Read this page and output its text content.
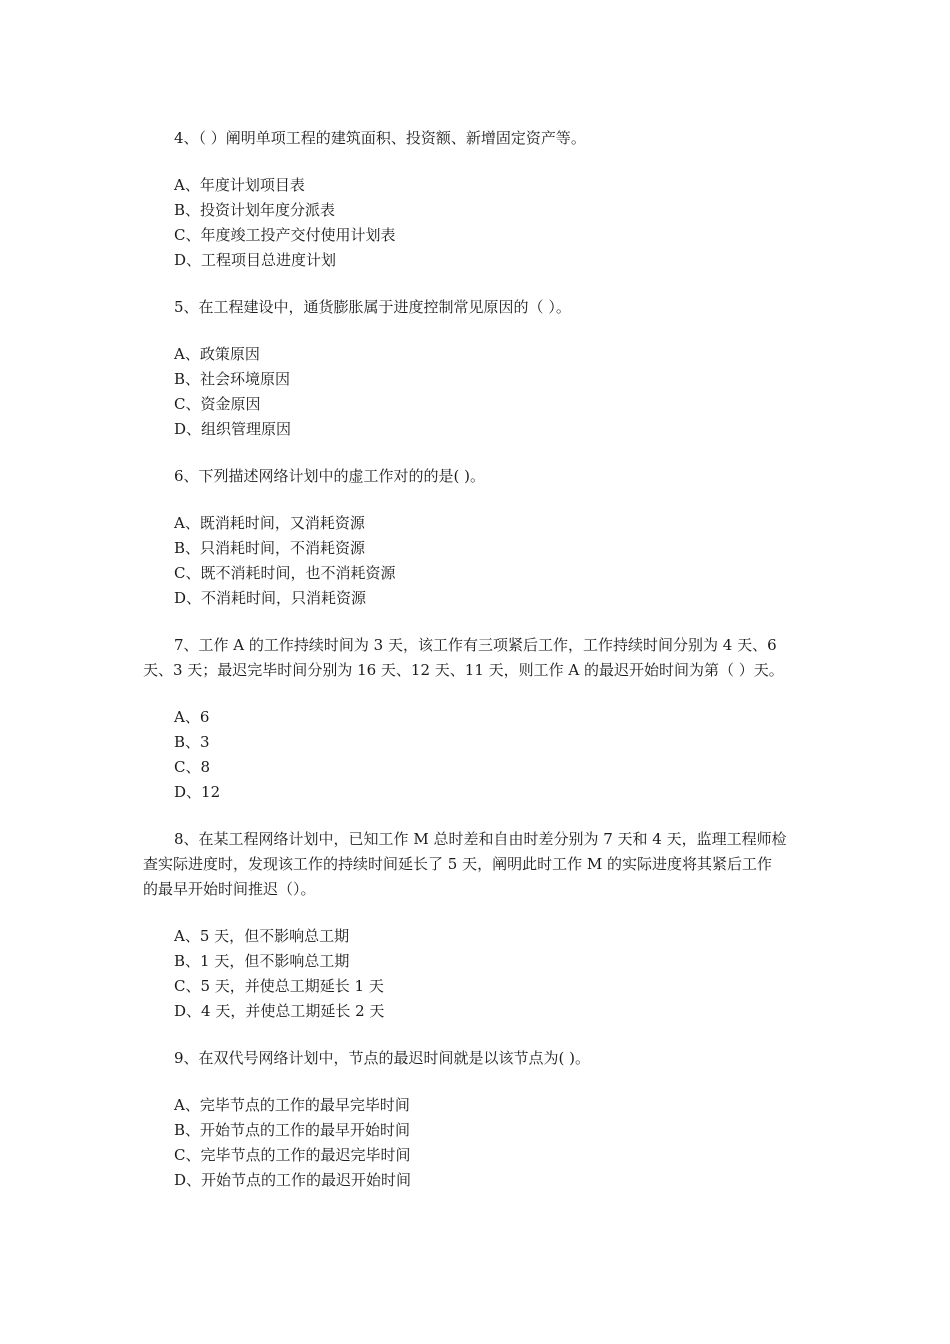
4、（ ）阐明单项工程的建筑面积、投资额、新增固定资产等。
A、年度计划项目表
B、投资计划年度分派表
C、年度竣工投产交付使用计划表
D、工程项目总进度计划
5、在工程建设中，通货膨胀属于进度控制常见原因的（ ）。
A、政策原因
B、社会环境原因
C、资金原因
D、组织管理原因
6、下列描述网络计划中的虚工作对的的是( )。
A、既消耗时间，又消耗资源
B、只消耗时间，不消耗资源
C、既不消耗时间，也不消耗资源
D、不消耗时间，只消耗资源
7、工作 A 的工作持续时间为 3 天，该工作有三项紧后工作，工作持续时间分别为 4 天、6
天、3 天；最迟完毕时间分别为 16 天、12 天、11 天，则工作 A 的最迟开始时间为第（ ）天。
A、6
B、3
C、8
D、12
8、在某工程网络计划中，已知工作 M 总时差和自由时差分别为 7 天和 4 天，监理工程师检
查实际进度时，发现该工作的持续时间延长了 5 天，阐明此时工作 M 的实际进度将其紧后工作
的最早开始时间推迟（）。
A、5 天，但不影响总工期
B、1 天，但不影响总工期
C、5 天，并使总工期延长 1 天
D、4 天，并使总工期延长 2 天
9、在双代号网络计划中，节点的最迟时间就是以该节点为( )。
A、完毕节点的工作的最早完毕时间
B、开始节点的工作的最早开始时间
C、完毕节点的工作的最迟完毕时间
D、开始节点的工作的最迟开始时间
